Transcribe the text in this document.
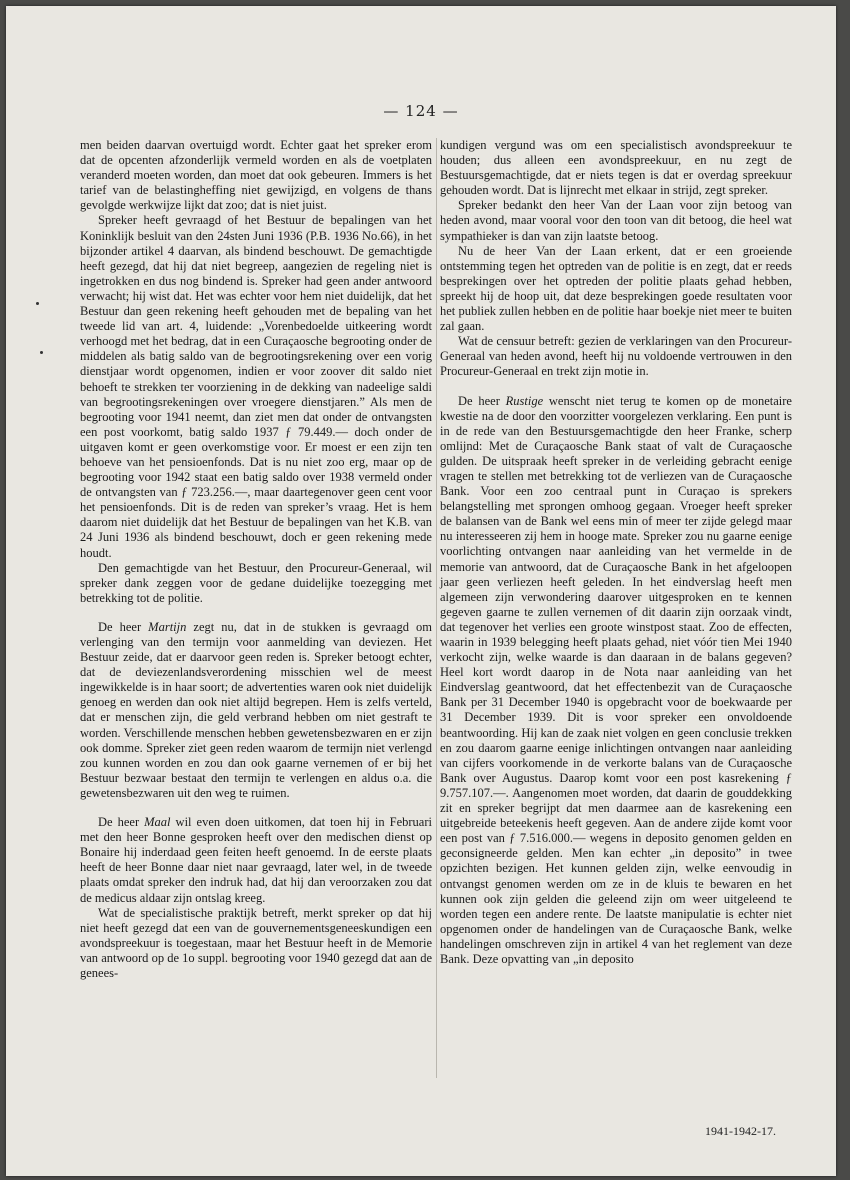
— 124 —

men beiden daarvan overtuigd wordt. Echter gaat het spreker erom dat de opcenten afzonderlijk vermeld worden en als de voetplaten veranderd moeten worden, dan moet dat ook gebeuren. Immers is het tarief van de belastingheffing niet gewijzigd, en volgens de thans gevolgde werkwijze lijkt dat zoo; dat is niet juist.

Spreker heeft gevraagd of het Bestuur de bepalingen van het Koninklijk besluit van den 24sten Juni 1936 (P.B. 1936 No.66), in het bijzonder artikel 4 daarvan, als bindend beschouwt. De gemachtigde heeft gezegd, dat hij dat niet begreep, aangezien de regeling niet is ingetrokken en dus nog bindend is. Spreker had geen ander antwoord verwacht; hij wist dat. Het was echter voor hem niet duidelijk, dat het Bestuur dan geen rekening heeft gehouden met de bepaling van het tweede lid van art. 4, luidende: „Vorenbedoelde uitkeering wordt verhoogd met het bedrag, dat in een Curaçaosche begrooting onder de middelen als batig saldo van de begrootingsrekening over een vorig dienstjaar wordt opgenomen, indien er voor zoover dit saldo niet behoeft te strekken ter voorziening in de dekking van nadeelige saldi van begrootingsrekeningen over vroegere dienstjaren.” Als men de begrooting voor 1941 neemt, dan ziet men dat onder de ontvangsten een post voorkomt, batig saldo 1937 ƒ 79.449.— doch onder de uitgaven komt er geen overkomstige voor. Er moest er een zijn ten behoeve van het pensioenfonds. Dat is nu niet zoo erg, maar op de begrooting voor 1942 staat een batig saldo over 1938 vermeld onder de ontvangsten van ƒ 723.256.—, maar daartegenover geen cent voor het pensioenfonds. Dit is de reden van spreker’s vraag. Het is hem daarom niet duidelijk dat het Bestuur de bepalingen van het K.B. van 24 Juni 1936 als bindend beschouwt, doch er geen rekening mede houdt.

Den gemachtigde van het Bestuur, den Procureur-Generaal, wil spreker dank zeggen voor de gedane duidelijke toezegging met betrekking tot de politie.

De heer Martijn zegt nu, dat in de stukken is gevraagd om verlenging van den termijn voor aanmelding van deviezen. Het Bestuur zeide, dat er daarvoor geen reden is. Spreker betoogt echter, dat de deviezenlandsverordening misschien wel de meest ingewikkelde is in haar soort; de advertenties waren ook niet duidelijk genoeg en werden dan ook niet altijd begrepen. Hem is zelfs verteld, dat er menschen zijn, die geld verbrand hebben om niet gestraft te worden. Verschillende menschen hebben gewetensbezwaren en er zijn ook domme. Spreker ziet geen reden waarom de termijn niet verlengd zou kunnen worden en zou dan ook gaarne vernemen of er bij het Bestuur bezwaar bestaat den termijn te verlengen en aldus o.a. die gewetensbezwaren uit den weg te ruimen.

De heer Maal wil even doen uitkomen, dat toen hij in Februari met den heer Bonne gesproken heeft over den medischen dienst op Bonaire hij inderdaad geen feiten heeft genoemd. In de eerste plaats heeft de heer Bonne daar niet naar gevraagd, later wel, in de tweede plaats omdat spreker den indruk had, dat hij dan veroorzaken zou dat de medicus aldaar zijn ontslag kreeg.

Wat de specialistische praktijk betreft, merkt spreker op dat hij niet heeft gezegd dat een van de gouvernementsgeneeskundigen een avondspreekuur is toegestaan, maar het Bestuur heeft in de Memorie van antwoord op de 1o suppl. begrooting voor 1940 gezegd dat aan de genees-

kundigen vergund was om een specialistisch avondspreekuur te houden; dus alleen een avondspreekuur, en nu zegt de Bestuursgemachtigde, dat er niets tegen is dat er overdag spreekuur gehouden wordt. Dat is lijnrecht met elkaar in strijd, zegt spreker.

Spreker bedankt den heer Van der Laan voor zijn betoog van heden avond, maar vooral voor den toon van dit betoog, die heel wat sympathieker is dan van zijn laatste betoog.

Nu de heer Van der Laan erkent, dat er een groeiende ontstemming tegen het optreden van de politie is en zegt, dat er reeds besprekingen over het optreden der politie plaats gehad hebben, spreekt hij de hoop uit, dat deze besprekingen goede resultaten voor het publiek zullen hebben en de politie haar boekje niet meer te buiten zal gaan.

Wat de censuur betreft: gezien de verklaringen van den Procureur-Generaal van heden avond, heeft hij nu voldoende vertrouwen in den Procureur-Generaal en trekt zijn motie in.

De heer Rustige wenscht niet terug te komen op de monetaire kwestie na de door den voorzitter voorgelezen verklaring. Een punt is in de rede van den Bestuursgemachtigde den heer Franke, scherp omlijnd: Met de Curaçaosche Bank staat of valt de Curaçaosche gulden. De uitspraak heeft spreker in de verleiding gebracht eenige vragen te stellen met betrekking tot de verliezen van de Curaçaosche Bank. Voor een zoo centraal punt in Curaçao is sprekers belangstelling met sprongen omhoog gegaan. Vroeger heeft spreker de balansen van de Bank wel eens min of meer ter zijde gelegd maar nu interesseeren zij hem in hooge mate. Spreker zou nu gaarne eenige voorlichting ontvangen naar aanleiding van het vermelde in de memorie van antwoord, dat de Curaçaosche Bank in het afgeloopen jaar geen verliezen heeft geleden. In het eindverslag heeft men algemeen zijn verwondering daarover uitgesproken en te kennen gegeven gaarne te zullen vernemen of dit daarin zijn oorzaak vindt, dat tegenover het verlies een groote winstpost staat. Zoo de effecten, waarin in 1939 belegging heeft plaats gehad, niet vóór tien Mei 1940 verkocht zijn, welke waarde is dan daaraan in de balans gegeven? Heel kort wordt daarop in de Nota naar aanleiding van het Eindverslag geantwoord, dat het effectenbezit van de Curaçaosche Bank per 31 December 1940 is opgebracht voor de boekwaarde per 31 December 1939. Dit is voor spreker een onvoldoende beantwoording. Hij kan de zaak niet volgen en geen conclusie trekken en zou daarom gaarne eenige inlichtingen ontvangen naar aanleiding van cijfers voorkomende in de verkorte balans van de Curaçaosche Bank over Augustus. Daarop komt voor een post kasrekening ƒ 9.757.107.—. Aangenomen moet worden, dat daarin de gouddekking zit en spreker begrijpt dat men daarmee aan de kasrekening een uitgebreide beteekenis heeft gegeven. Aan de andere zijde komt voor een post van ƒ 7.516.000.— wegens in deposito genomen gelden en geconsigneerde gelden. Men kan echter „in deposito” in twee opzichten bezigen. Het kunnen gelden zijn, welke eenvoudig in ontvangst genomen werden om ze in de kluis te bewaren en het kunnen ook zijn gelden die geleend zijn om weer uitgeleend te worden tegen een andere rente. De laatste manipulatie is echter niet opgenomen onder de handelingen van de Curaçaosche Bank, welke handelingen omschreven zijn in artikel 4 van het reglement van deze Bank. Deze opvatting van „in deposito

1941-1942-17.
